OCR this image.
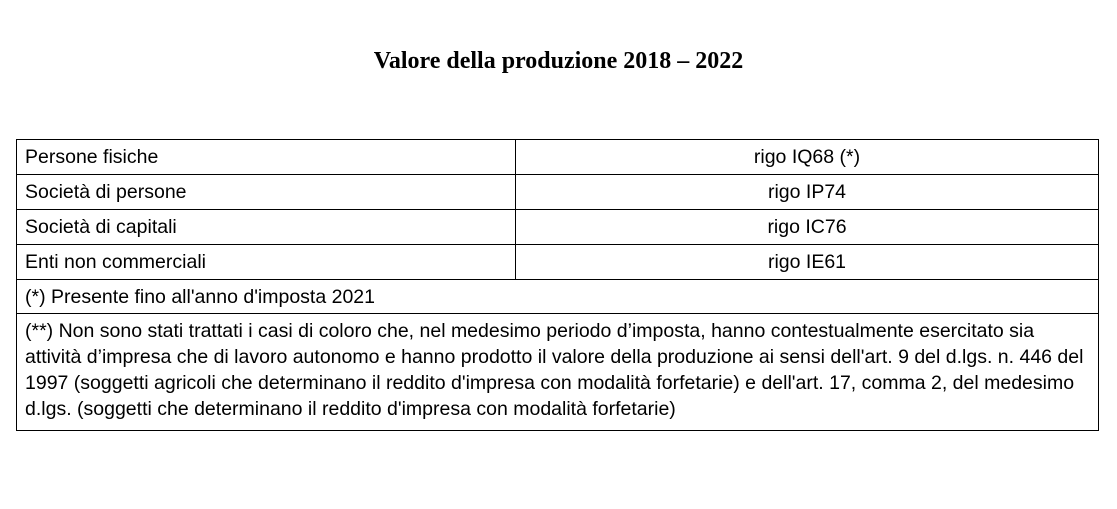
Valore della produzione 2018 – 2022
Persone fisiche	rigo IQ68 (*)
Società di persone	rigo IP74
Società di capitali	rigo IC76
Enti non commerciali	rigo IE61
(*) Presente fino all'anno d'imposta 2021	
(**) Non sono stati trattati i casi di coloro che, nel medesimo periodo d’imposta, hanno contestualmente esercitato sia attività d’impresa che di lavoro autonomo e hanno prodotto il valore della produzione ai sensi dell'art. 9 del d.lgs. n. 446 del 1997 (soggetti agricoli che determinano il reddito d'impresa con modalità forfetarie) e dell'art. 17, comma 2, del medesimo d.lgs. (soggetti che determinano il reddito d'impresa con modalità forfetarie)	
